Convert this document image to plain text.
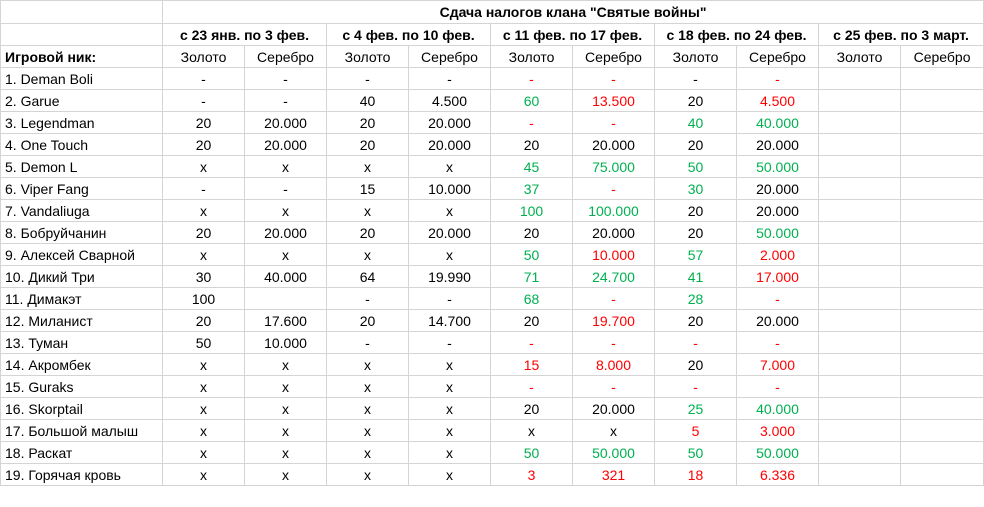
	Сдача налогов клана "Святые войны"									
	с 23 янв. по 3 фев.		с 4 фев. по 10 фев.		с 11 фев. по 17 фев.		с 18 фев. по 24 фев.		с 25 фев. по 3 март.	
Игровой ник:	Золото	Серебро	Золото	Серебро	Золото	Серебро	Золото	Серебро	Золото	Серебро
1. Deman Boli	-	-	-	-	-	-	-	-		
2. Garue	-	-	40	4.500	60	13.500	20	4.500		
3. Legendman	20	20.000	20	20.000	-	-	40	40.000		
4. One Touch	20	20.000	20	20.000	20	20.000	20	20.000		
5. Demon L	x	x	x	x	45	75.000	50	50.000		
6. Viper Fang	-	-	15	10.000	37	-	30	20.000		
7. Vandaliuga	x	x	x	x	100	100.000	20	20.000		
8. Бобруйчанин	20	20.000	20	20.000	20	20.000	20	50.000		
9. Алексей Сварной	x	x	x	x	50	10.000	57	2.000		
10. Дикий Три	30	40.000	64	19.990	71	24.700	41	17.000		
11. Димакэт	100		-	-	68	-	28	-		
12. Миланист	20	17.600	20	14.700	20	19.700	20	20.000		
13. Туман	50	10.000	-	-	-	-	-	-		
14. Акромбек	x	x	x	x	15	8.000	20	7.000		
15. Guraks	x	x	x	x	-	-	-	-		
16. Skorptail	x	x	x	x	20	20.000	25	40.000		
17. Большой малыш	x	x	x	x	x	x	5	3.000		
18. Раскат	x	x	x	x	50	50.000	50	50.000		
19. Горячая кровь	x	x	x	x	3	321	18	6.336		
